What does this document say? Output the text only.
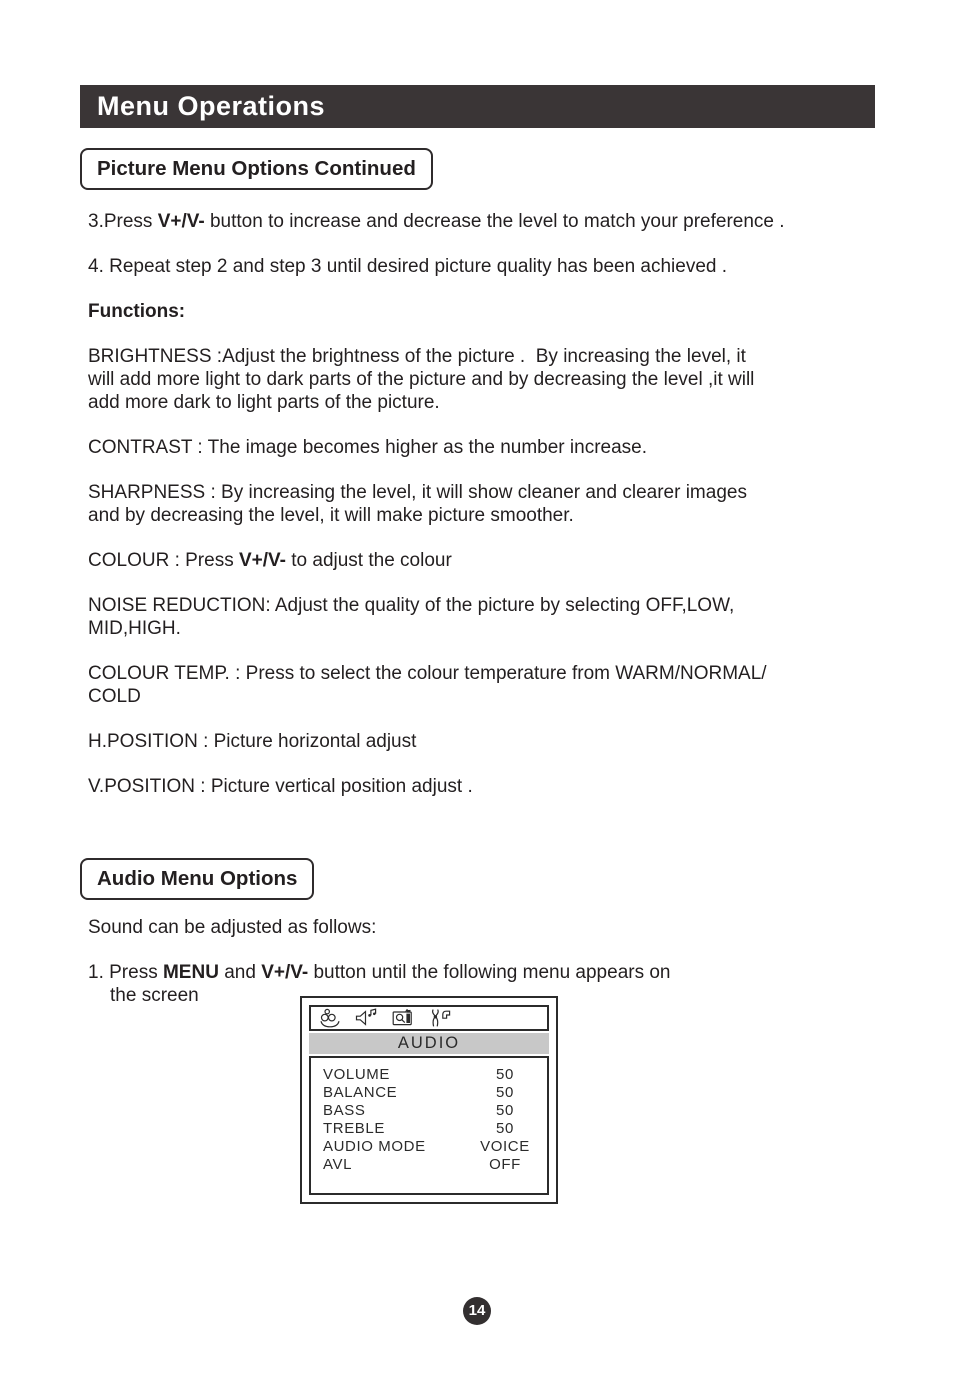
Menu Operations
Picture Menu Options Continued
3.Press V+/V- button to increase and decrease the level to match your preference .
4. Repeat step 2 and step 3 until desired picture quality has been achieved .
Functions:
BRIGHTNESS :Adjust the brightness of the picture .  By increasing the level, it
will add more light to dark parts of the picture and by decreasing the level ,it will
add more dark to light parts of the picture.
CONTRAST : The image becomes higher as the number increase.
SHARPNESS : By increasing the level, it will show cleaner and clearer images
and by decreasing the level, it will make picture smoother.
COLOUR : Press V+/V- to adjust the colour
NOISE REDUCTION: Adjust the quality of the picture by selecting OFF,LOW,
MID,HIGH.
COLOUR TEMP. : Press to select the colour temperature from WARM/NORMAL/
COLD
H.POSITION : Picture horizontal adjust
V.POSITION : Picture vertical position adjust .
Audio Menu Options
Sound can be adjusted as follows:
1. Press MENU and V+/V- button until the following menu appears on
the screen
AUDIO
VOLUME	50
BALANCE	50
BASS	50
TREBLE	50
AUDIO MODE	VOICE
AVL	OFF
14
